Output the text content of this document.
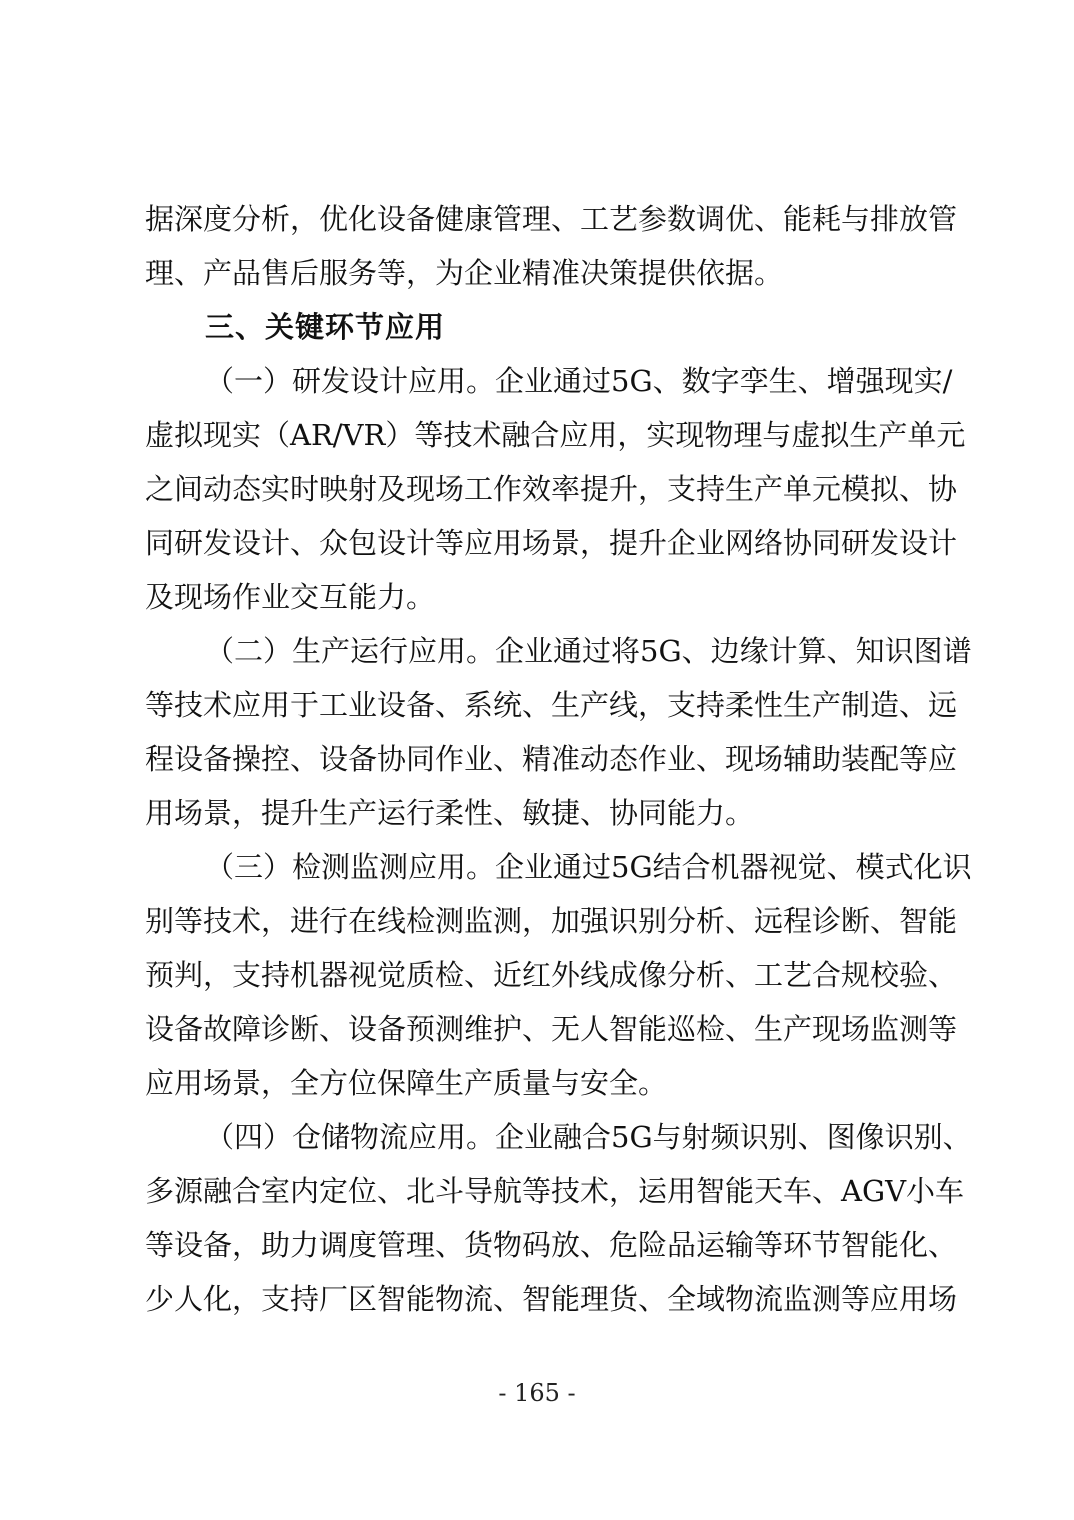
据深度分析，优化设备健康管理、工艺参数调优、能耗与排放管
理、产品售后服务等，为企业精准决策提供依据。
三、关键环节应用
（一）研发设计应用。企业通过5G、数字孪生、增强现实/
虚拟现实（AR/VR）等技术融合应用，实现物理与虚拟生产单元
之间动态实时映射及现场工作效率提升，支持生产单元模拟、协
同研发设计、众包设计等应用场景，提升企业网络协同研发设计
及现场作业交互能力。
（二）生产运行应用。企业通过将5G、边缘计算、知识图谱
等技术应用于工业设备、系统、生产线，支持柔性生产制造、远
程设备操控、设备协同作业、精准动态作业、现场辅助装配等应
用场景，提升生产运行柔性、敏捷、协同能力。
（三）检测监测应用。企业通过5G结合机器视觉、模式化识
别等技术，进行在线检测监测，加强识别分析、远程诊断、智能
预判，支持机器视觉质检、近红外线成像分析、工艺合规校验、
设备故障诊断、设备预测维护、无人智能巡检、生产现场监测等
应用场景，全方位保障生产质量与安全。
（四）仓储物流应用。企业融合5G与射频识别、图像识别、
多源融合室内定位、北斗导航等技术，运用智能天车、AGV小车
等设备，助力调度管理、货物码放、危险品运输等环节智能化、
少人化，支持厂区智能物流、智能理货、全域物流监测等应用场
- 165 -
